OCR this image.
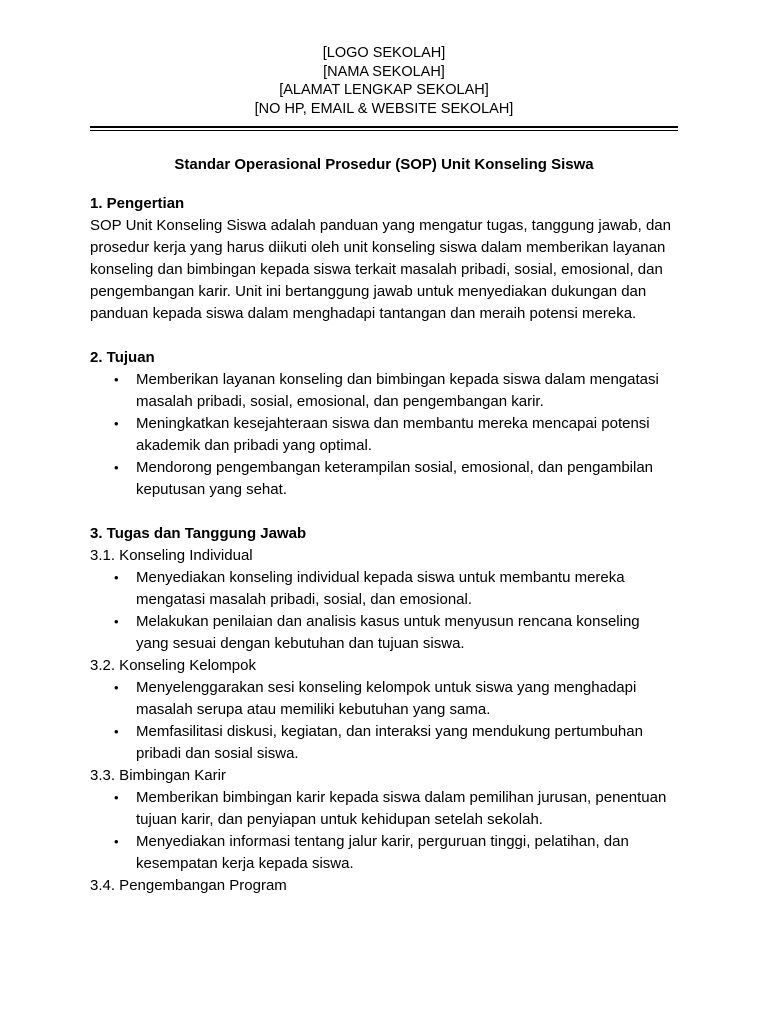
[LOGO SEKOLAH]
[NAMA SEKOLAH]
[ALAMAT LENGKAP SEKOLAH]
[NO HP, EMAIL & WEBSITE SEKOLAH]
Standar Operasional Prosedur (SOP) Unit Konseling Siswa
1. Pengertian

SOP Unit Konseling Siswa adalah panduan yang mengatur tugas, tanggung jawab, dan prosedur kerja yang harus diikuti oleh unit konseling siswa dalam memberikan layanan konseling dan bimbingan kepada siswa terkait masalah pribadi, sosial, emosional, dan pengembangan karir. Unit ini bertanggung jawab untuk menyediakan dukungan dan panduan kepada siswa dalam menghadapi tantangan dan meraih potensi mereka.

2. Tujuan
• Memberikan layanan konseling dan bimbingan kepada siswa dalam mengatasi masalah pribadi, sosial, emosional, dan pengembangan karir.
• Meningkatkan kesejahteraan siswa dan membantu mereka mencapai potensi akademik dan pribadi yang optimal.
• Mendorong pengembangan keterampilan sosial, emosional, dan pengambilan keputusan yang sehat.
3. Tugas dan Tanggung Jawab
3.1. Konseling Individual
• Menyediakan konseling individual kepada siswa untuk membantu mereka mengatasi masalah pribadi, sosial, dan emosional.
• Melakukan penilaian dan analisis kasus untuk menyusun rencana konseling yang sesuai dengan kebutuhan dan tujuan siswa.
3.2. Konseling Kelompok
• Menyelenggarakan sesi konseling kelompok untuk siswa yang menghadapi masalah serupa atau memiliki kebutuhan yang sama.
• Memfasilitasi diskusi, kegiatan, dan interaksi yang mendukung pertumbuhan pribadi dan sosial siswa.
3.3. Bimbingan Karir
• Memberikan bimbingan karir kepada siswa dalam pemilihan jurusan, penentuan tujuan karir, dan penyiapan untuk kehidupan setelah sekolah.
• Menyediakan informasi tentang jalur karir, perguruan tinggi, pelatihan, dan kesempatan kerja kepada siswa.
3.4. Pengembangan Program
